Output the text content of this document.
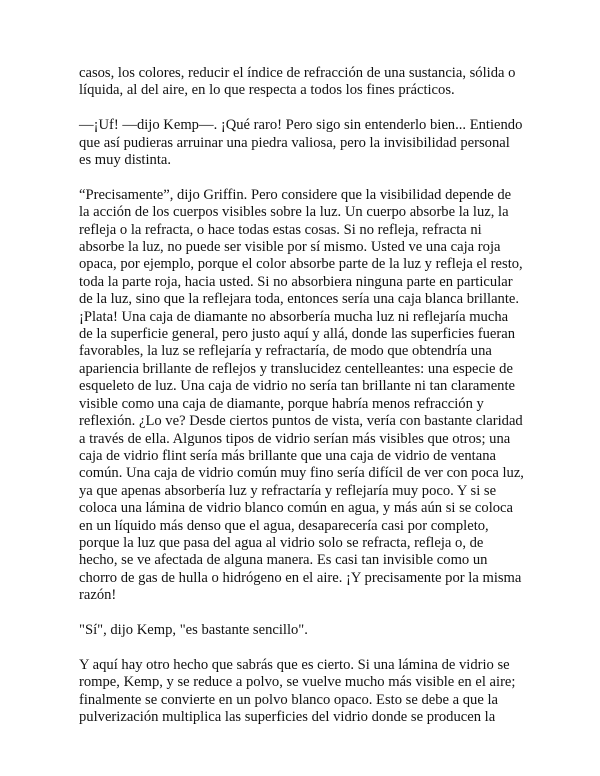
casos, los colores, reducir el índice de refracción de una sustancia, sólida o
líquida, al del aire, en lo que respecta a todos los fines prácticos.

—¡Uf! —dijo Kemp—. ¡Qué raro! Pero sigo sin entenderlo bien... Entiendo
que así pudieras arruinar una piedra valiosa, pero la invisibilidad personal
es muy distinta.

“Precisamente”, dijo Griffin. Pero considere que la visibilidad depende de
la acción de los cuerpos visibles sobre la luz. Un cuerpo absorbe la luz, la
refleja o la refracta, o hace todas estas cosas. Si no refleja, refracta ni
absorbe la luz, no puede ser visible por sí mismo. Usted ve una caja roja
opaca, por ejemplo, porque el color absorbe parte de la luz y refleja el resto,
toda la parte roja, hacia usted. Si no absorbiera ninguna parte en particular
de la luz, sino que la reflejara toda, entonces sería una caja blanca brillante.
¡Plata! Una caja de diamante no absorbería mucha luz ni reflejaría mucha
de la superficie general, pero justo aquí y allá, donde las superficies fueran
favorables, la luz se reflejaría y refractaría, de modo que obtendría una
apariencia brillante de reflejos y translucidez centelleantes: una especie de
esqueleto de luz. Una caja de vidrio no sería tan brillante ni tan claramente
visible como una caja de diamante, porque habría menos refracción y
reflexión. ¿Lo ve? Desde ciertos puntos de vista, vería con bastante claridad
a través de ella. Algunos tipos de vidrio serían más visibles que otros; una
caja de vidrio flint sería más brillante que una caja de vidrio de ventana
común. Una caja de vidrio común muy fino sería difícil de ver con poca luz,
ya que apenas absorbería luz y refractaría y reflejaría muy poco. Y si se
coloca una lámina de vidrio blanco común en agua, y más aún si se coloca
en un líquido más denso que el agua, desaparecería casi por completo,
porque la luz que pasa del agua al vidrio solo se refracta, refleja o, de
hecho, se ve afectada de alguna manera. Es casi tan invisible como un
chorro de gas de hulla o hidrógeno en el aire. ¡Y precisamente por la misma
razón!

"Sí", dijo Kemp, "es bastante sencillo".

Y aquí hay otro hecho que sabrás que es cierto. Si una lámina de vidrio se
rompe, Kemp, y se reduce a polvo, se vuelve mucho más visible en el aire;
finalmente se convierte en un polvo blanco opaco. Esto se debe a que la
pulverización multiplica las superficies del vidrio donde se producen la
